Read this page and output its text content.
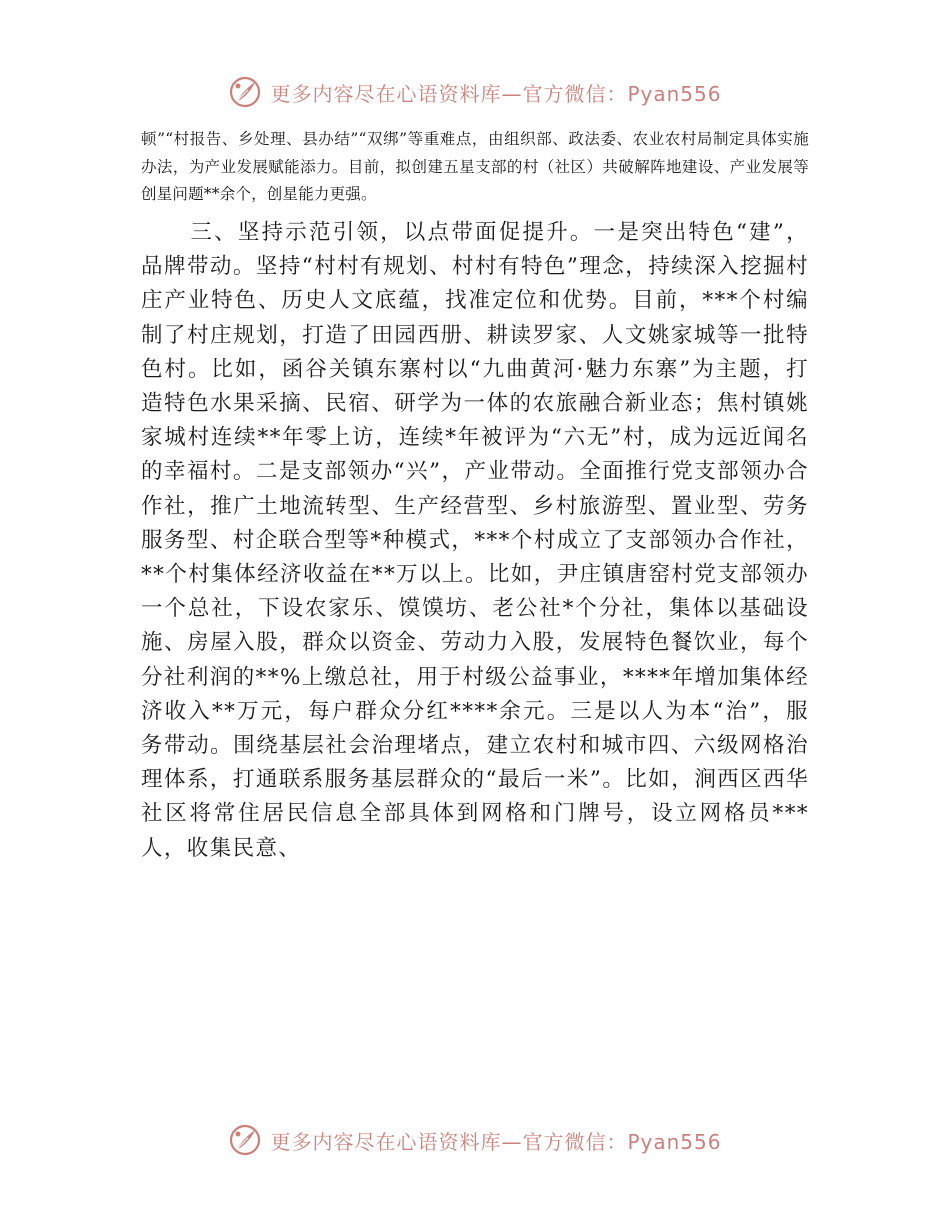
更多内容尽在心语资料库—官方微信：Pyan556

顿”“村报告、乡处理、县办结”“双绑”等重难点，由组织部、政法委、农业农村局制定具体实施办法，为产业发展赋能添力。目前，拟创建五星支部的村（社区）共破解阵地建设、产业发展等创星问题**余个，创星能力更强。

三、坚持示范引领，以点带面促提升。一是突出特色“建”，品牌带动。坚持“村村有规划、村村有特色”理念，持续深入挖掘村庄产业特色、历史人文底蕴，找准定位和优势。目前，***个村编制了村庄规划，打造了田园西册、耕读罗家、人文姚家城等一批特色村。比如，函谷关镇东寨村以“九曲黄河·魅力东寨”为主题，打造特色水果采摘、民宿、研学为一体的农旅融合新业态；焦村镇姚家城村连续**年零上访，连续*年被评为“六无”村，成为远近闻名的幸福村。二是支部领办“兴”，产业带动。全面推行党支部领办合作社，推广土地流转型、生产经营型、乡村旅游型、置业型、劳务服务型、村企联合型等*种模式，***个村成立了支部领办合作社，**个村集体经济收益在**万以上。比如，尹庄镇唐窑村党支部领办一个总社，下设农家乐、馍馍坊、老公社*个分社，集体以基础设施、房屋入股，群众以资金、劳动力入股，发展特色餐饮业，每个分社利润的**%上缴总社，用于村级公益事业，****年增加集体经济收入**万元，每户群众分红****余元。三是以人为本“治”，服务带动。围绕基层社会治理堵点，建立农村和城市四、六级网格治理体系，打通联系服务基层群众的“最后一米”。比如，涧西区西华社区将常住居民信息全部具体到网格和门牌号，设立网格员***人，收集民意、

更多内容尽在心语资料库—官方微信：Pyan556
